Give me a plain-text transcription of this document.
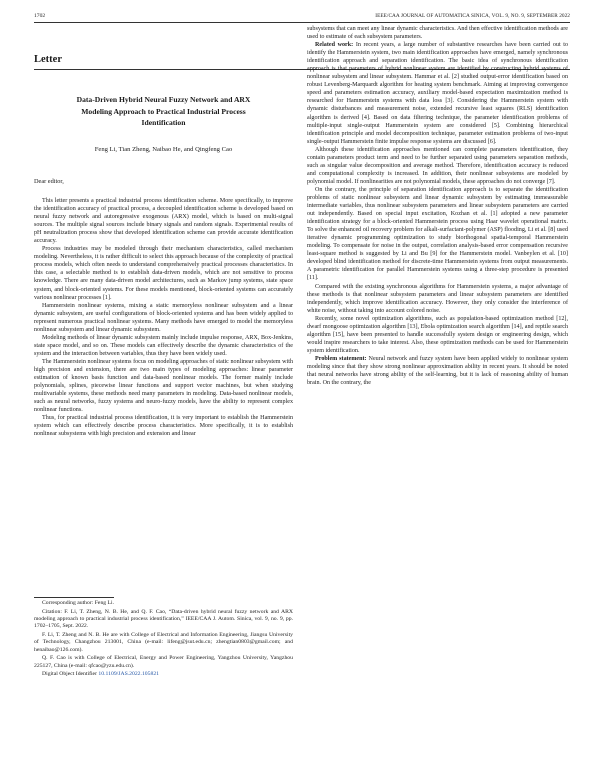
1702	IEEE/CAA JOURNAL OF AUTOMATICA SINICA, VOL. 9, NO. 9, SEPTEMBER 2022
Letter
Data-Driven Hybrid Neural Fuzzy Network and ARX
Modeling Approach to Practical Industrial Process
Identification
Feng Li, Tian Zheng, Naibao He, and Qingfeng Cao
Dear editor,

This letter presents a practical industrial process identification scheme. More specifically, to improve the identification accuracy of practical process, a decoupled identification scheme is developed based on neural fuzzy network and autoregressive exogenous (ARX) model, which is based on multi-signal sources. The multiple signal sources include binary signals and random signals. Experimental results of pH neutralization process show that developed identification scheme can provide accurate identification accuracy.

Process industries may be modeled through their mechanism characteristics, called mechanism modeling. Nevertheless, it is rather difficult to select this approach because of the complexity of practical process models, which often needs to understand comprehensively practical processes characteristics. In this case, a selectable method is to establish data-driven models, which are not sensitive to process knowledge. There are many data-driven model architectures, such as Markov jump systems, state space system, and block-oriented systems. For these models mentioned, block-oriented systems can accurately various nonlinear processes [1].

Hammerstein nonlinear systems, mixing a static memoryless nonlinear subsystem and a linear dynamic subsystem, are useful configurations of block-oriented systems and has been widely applied to represent numerous practical nonlinear systems. Many methods have emerged to model the memoryless nonlinear subsystem and linear dynamic subsystem.

Modeling methods of linear dynamic subsystem mainly include impulse response, ARX, Box-Jenkins, state space model, and so on. These models can effectively describe the dynamic characteristics of the system and the interaction between variables, thus they have been widely used.

The Hammerstein nonlinear systems focus on modeling approaches of static nonlinear subsystem with high precision and extension, there are two main types of modeling approaches: linear parameter estimation of known basis function and data-based nonlinear models. The former mainly include polynomials, splines, piecewise linear functions and support vector machines, but when studying multivariable systems, these methods need many parameters in modeling. Data-based nonlinear models, such as neural networks, fuzzy systems and neuro-fuzzy models, have the ability to represent complex nonlinear functions.

Thus, for practical industrial process identification, it is very important to establish the Hammerstein system which can effectively describe process characteristics. More specifically, it is to establish nonlinear subsystems with high precision and extension and linear

Corresponding author: Feng Li.

Citation: F. Li, T. Zheng, N. B. He, and Q. F. Cao, “Data-driven hybrid neural fuzzy network and ARX modeling approach to practical industrial process identification,” IEEE/CAA J. Autom. Sinica, vol. 9, no. 9, pp. 1702–1705, Sept. 2022.

F. Li, T. Zheng and N. B. He are with College of Electrical and Information Engineering, Jiangsu University of Technology, Changzhou 213001, China (e-mail: lifeng@jsut.edu.cn; zhengtian0803@gmail.com; and henaibao@126.com).

Q. F. Cao is with College of Electrical, Energy and Power Engineering, Yangzhou University, Yangzhou 225127, China (e-mail: qfcao@yzu.edu.cn).

Digital Object Identifier 10.1109/JAS.2022.105821

subsystems that can meet any linear dynamic characteristics. And then effective identification methods are used to estimate of each subsystem parameters.

Related work: In recent years, a large number of substantive researches have been carried out to identify the Hammerstein system, two main identification approaches have emerged, namely synchronous identification approach and separation identification. The basic idea of synchronous identification approach is that parameters of hybrid nonlinear system are identified by constructing hybrid systems of nonlinear subsystem and linear subsystem. Hammar et al. [2] studied output-error identification based on robust Levenberg-Marquardt algorithm for heating system benchmark. Aiming at improving convergence speed and parameters estimation accuracy, auxiliary model-based expectation maximization method is researched for Hammerstein systems with data loss [3]. Considering the Hammerstein system with dynamic disturbances and measurement noise, extended recursive least squares (RLS) identification algorithm is derived [4]. Based on data filtering technique, the parameter identification problems of multiple-input single-output Hammerstein system are considered [5]. Combining hierarchical identification principle and model decomposition technique, parameter estimation problems of two-input single-output Hammerstein finite impulse response systems are discussed [6].

Although these identification approaches mentioned can complete parameters identification, they contain parameters product term and need to be further separated using parameters separation methods, such as singular value decomposition and average method. Therefore, identification accuracy is reduced and computational complexity is increased. In addition, their nonlinear subsystems are modeled by polynomial model. If nonlinearities are not polynomial models, these approaches do not converge [7].

On the contrary, the principle of separation identification approach is to separate the identification problems of static nonlinear subsystem and linear dynamic subsystem by estimating immeasurable intermediate variables, thus nonlinear subsystem parameters and linear subsystem parameters are carried out independently. Based on special input excitation, Kozhan et al. [1] adopted a new parameter identification strategy for a block-oriented Hammerstein process using Haar wavelet operational matrix. To solve the enhanced oil recovery problem for alkali-surfactant-polymer (ASP) flooding, Li et al. [8] used iterative dynamic programming optimization to study biorthogonal spatial-temporal Hammerstein modeling. To compensate for noise in the output, correlation analysis-based error compensation recursive least-square method is suggested by Li and Bu [9] for the Hammerstein model. Vanbeylen et al. [10] developed blind identification method for discrete-time Hammerstein systems from output measurements. A parametric identification for parallel Hammerstein systems using a three-step procedure is presented [11].

Compared with the existing synchronous algorithms for Hammerstein systems, a major advantage of these methods is that nonlinear subsystem parameters and linear subsystem parameters are identified independently, which improve identification accuracy. However, they only consider the interference of white noise, without taking into account colored noise.

Recently, some novel optimization algorithms, such as population-based optimization method [12], dwarf mongoose optimization algorithm [13], Ebola optimization search algorithm [14], and reptile search algorithm [15], have been presented to handle successfully system design or engineering design, which would inspire researchers to take interest. Also, these optimization methods can be used for Hammerstein system identification.

Problem statement: Neural network and fuzzy system have been applied widely to nonlinear system modeling since that they show strong nonlinear approximation ability in recent years. It should be noted that neural networks have strong ability of the self-learning, but it is lack of reasoning ability of human brain. On the contrary, the
